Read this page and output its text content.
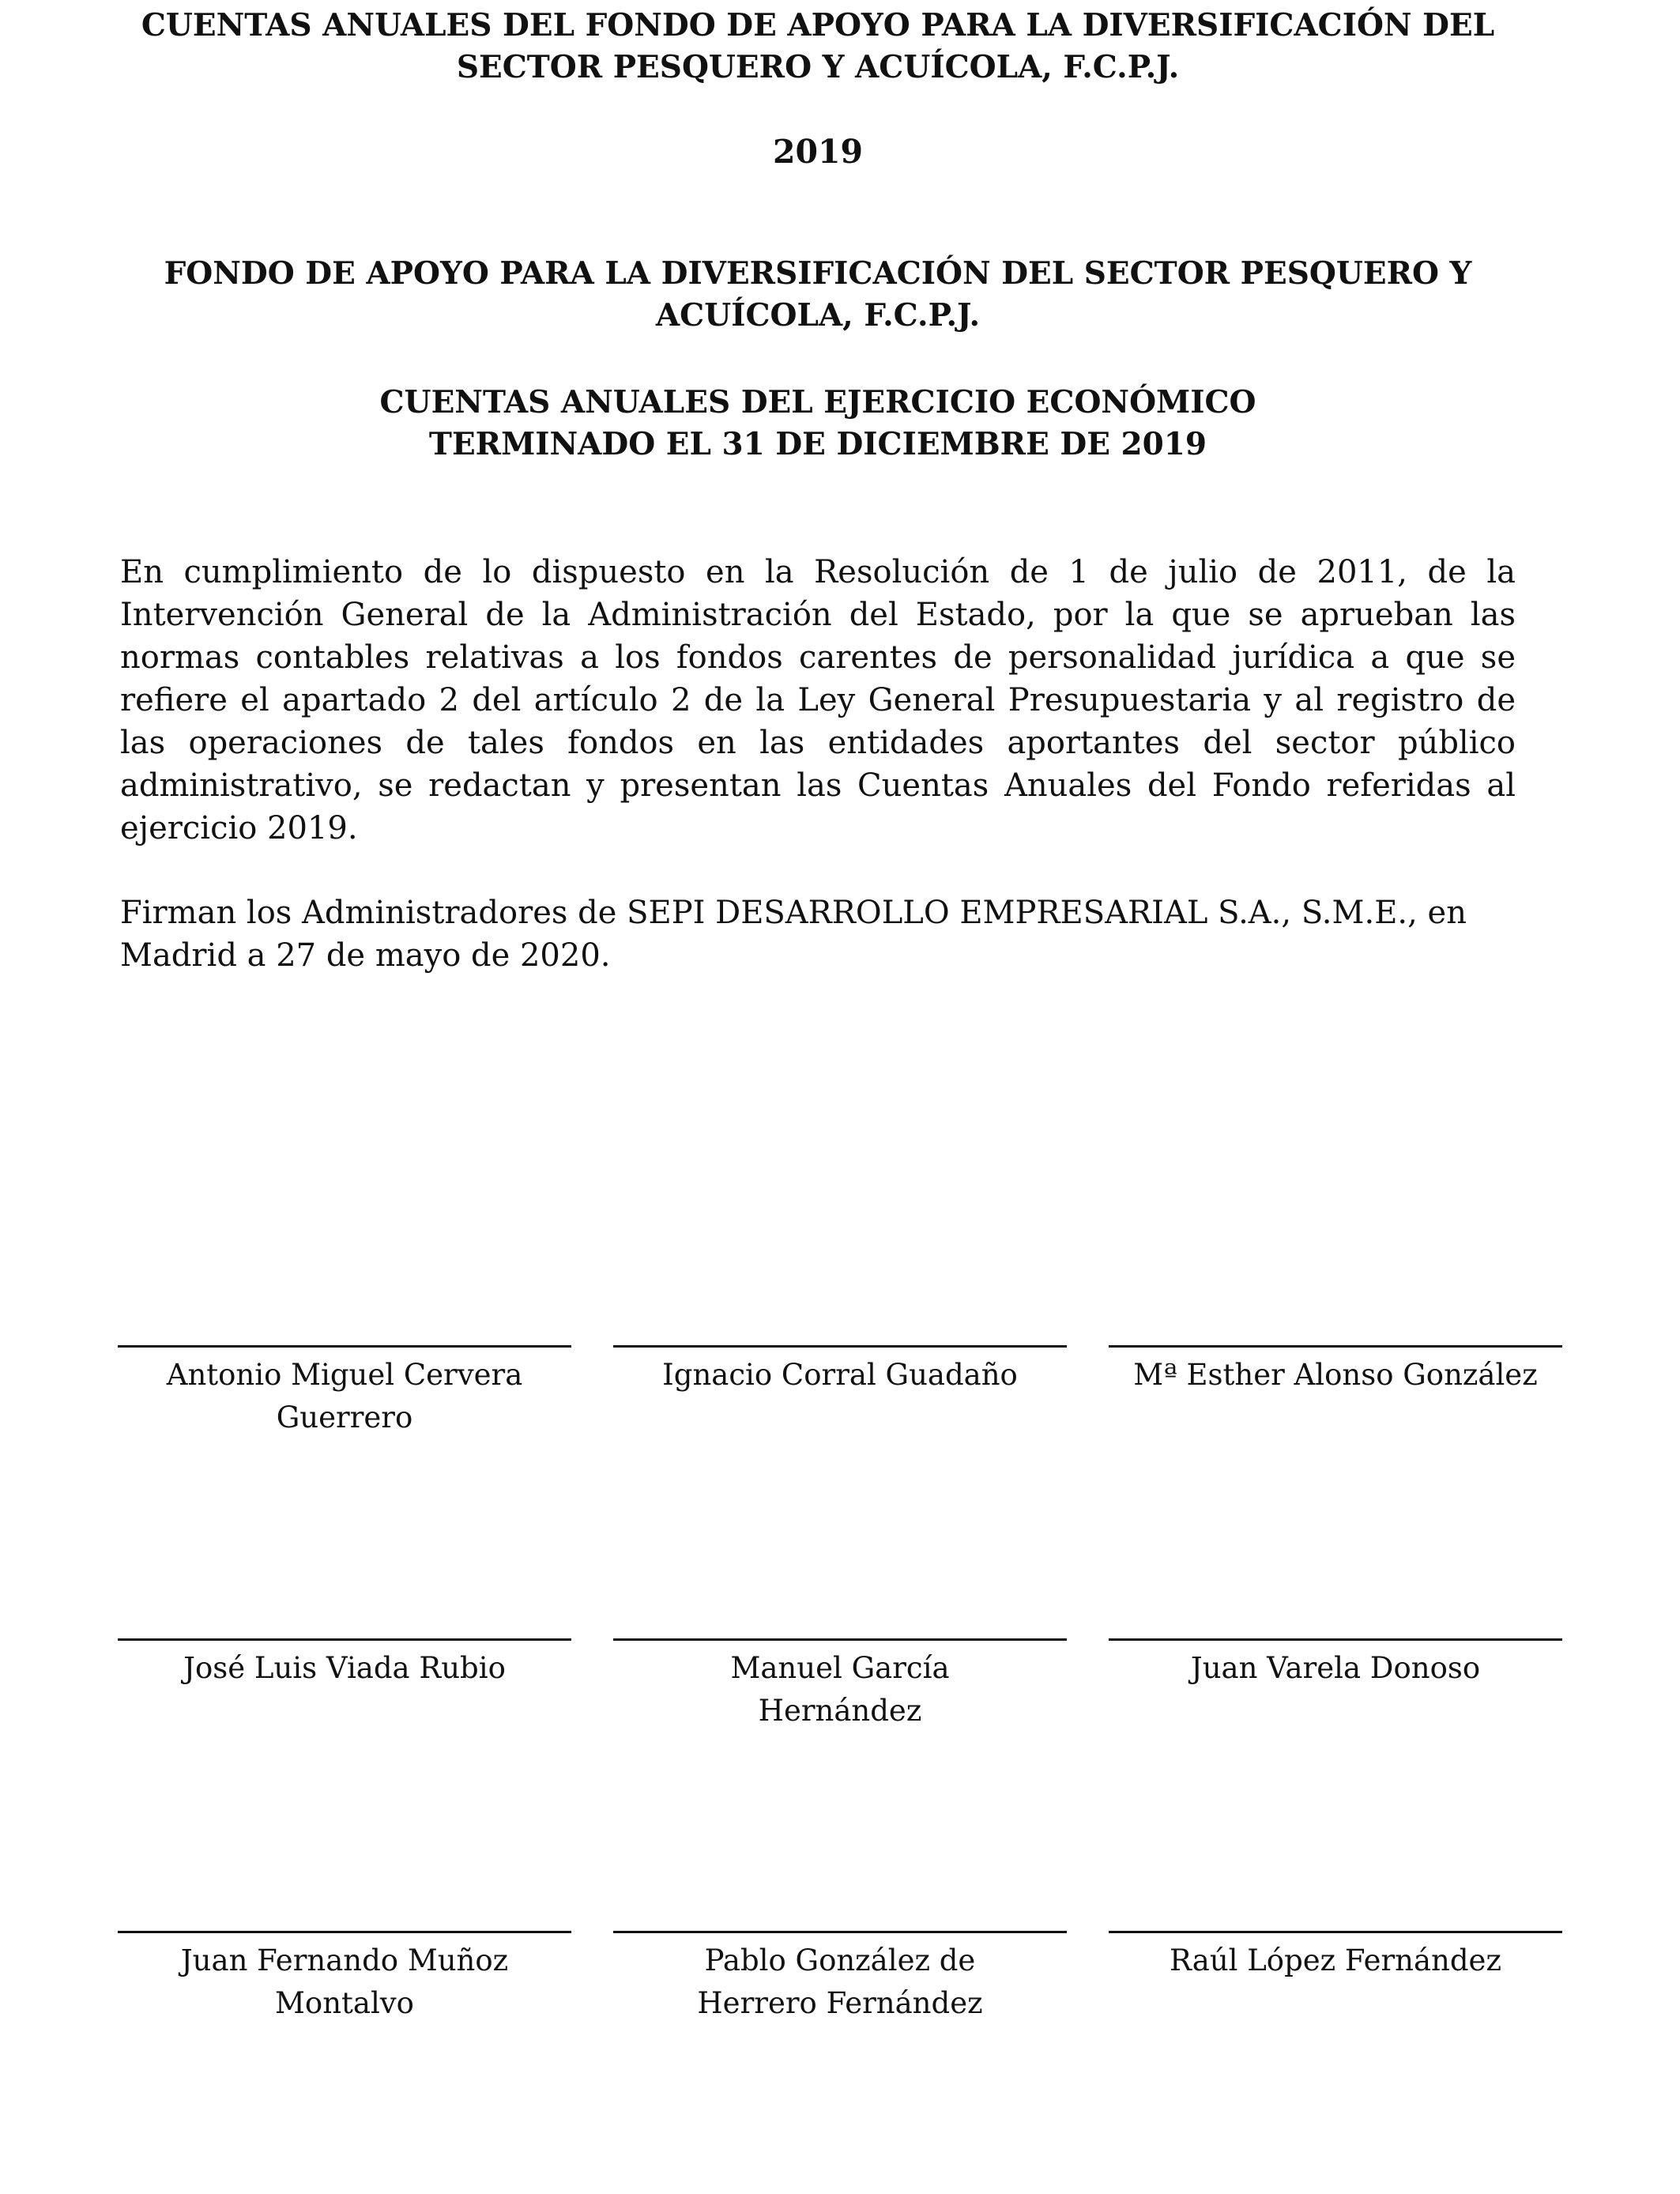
CUENTAS ANUALES DEL FONDO DE APOYO PARA LA DIVERSIFICACIÓN DEL SECTOR PESQUERO Y ACUÍCOLA, F.C.P.J.
2019
FONDO DE APOYO PARA LA DIVERSIFICACIÓN DEL SECTOR PESQUERO Y ACUÍCOLA, F.C.P.J.
CUENTAS ANUALES DEL EJERCICIO ECONÓMICO
TERMINADO EL 31 DE DICIEMBRE DE 2019

En cumplimiento de lo dispuesto en la Resolución de 1 de julio de 2011, de la Intervención General de la Administración del Estado, por la que se aprueban las normas contables relativas a los fondos carentes de personalidad jurídica a que se refiere el apartado 2 del artículo 2 de la Ley General Presupuestaria y al registro de las operaciones de tales fondos en las entidades aportantes del sector público administrativo, se redactan y presentan las Cuentas Anuales del Fondo referidas al ejercicio 2019.

Firman los Administradores de SEPI DESARROLLO EMPRESARIAL S.A., S.M.E., en Madrid a 27 de mayo de 2020.

Antonio Miguel Cervera Guerrero
Ignacio Corral Guadaño	Mª Esther Alonso González
José Luis Viada Rubio	Manuel García Hernández
Juan Varela Donoso
Juan Fernando Muñoz Montalvo
Pablo González de Herrero Fernández
Raúl López Fernández
